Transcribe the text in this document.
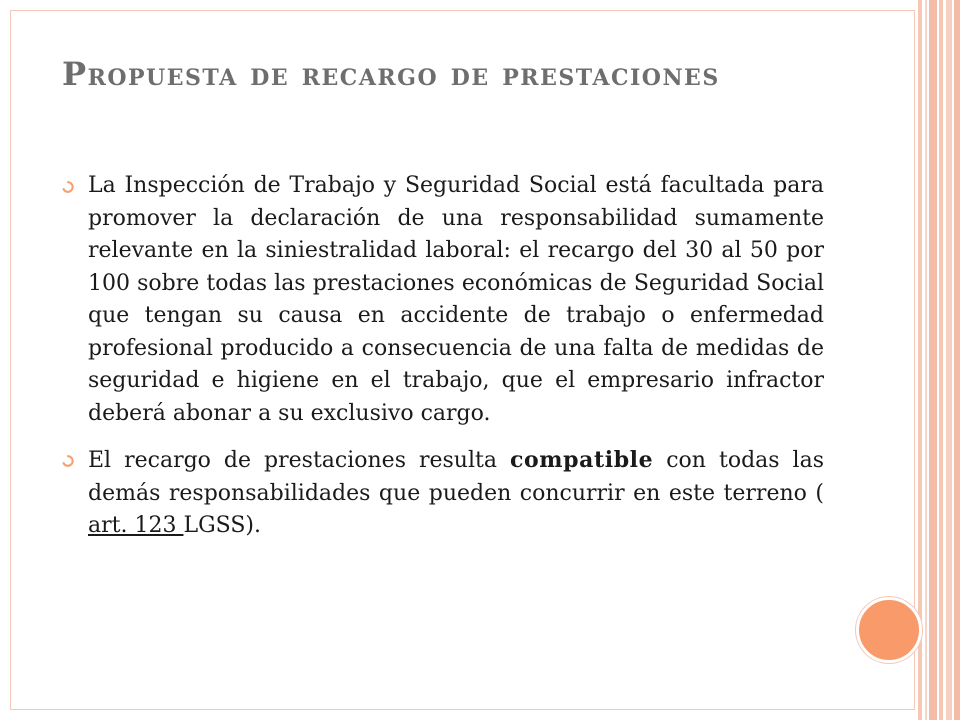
Propuesta de recargo de prestaciones
La Inspección de Trabajo y Seguridad Social está facultada para promover la declaración de una responsabilidad sumamente relevante en la siniestralidad laboral: el recargo del 30 al 50 por 100 sobre todas las prestaciones económicas de Seguridad Social que tengan su causa en accidente de trabajo o enfermedad profesional producido a consecuencia de una falta de medidas de seguridad e higiene en el trabajo, que el empresario infractor deberá abonar a su exclusivo cargo.
El recargo de prestaciones resulta compatible con todas las demás responsabilidades que pueden concurrir en este terreno ( art. 123 LGSS).
